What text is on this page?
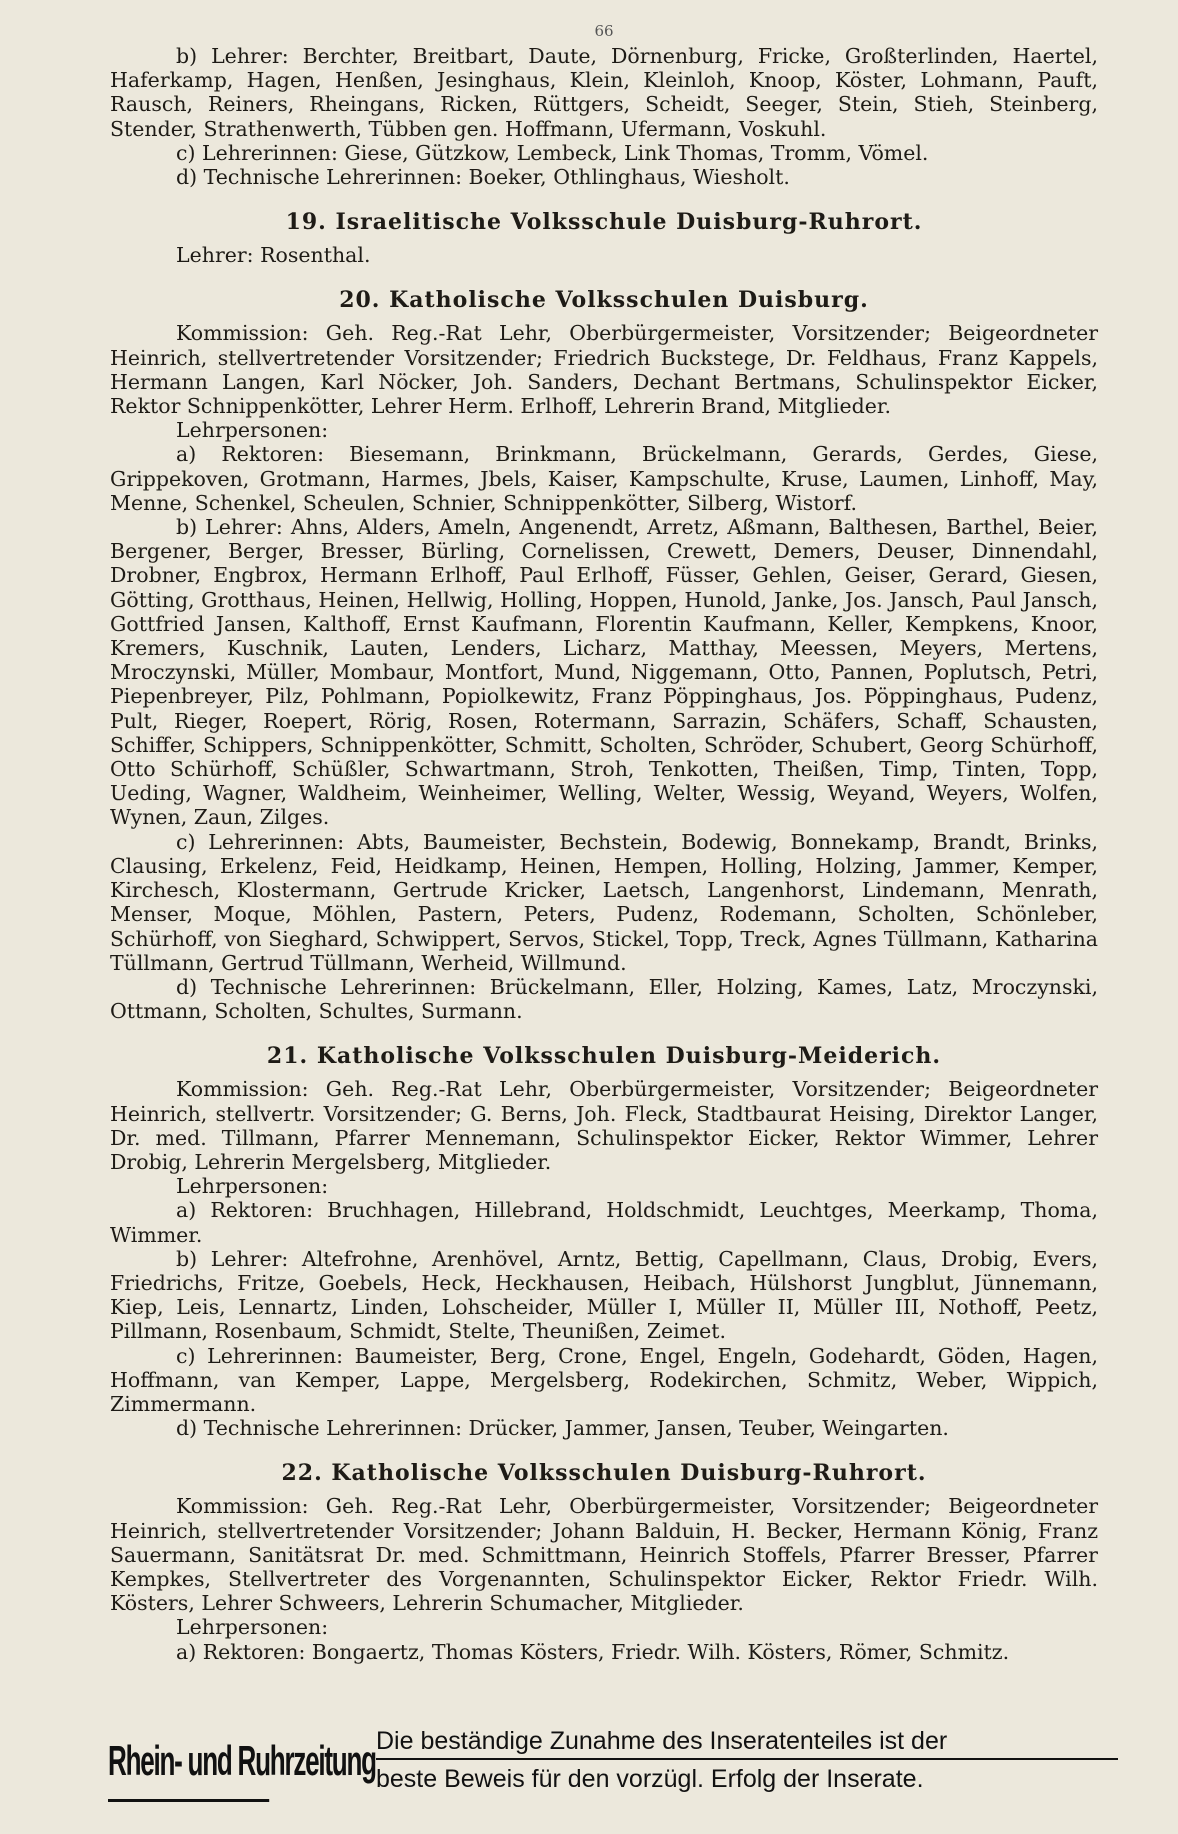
66

b) Lehrer: Berchter, Breitbart, Daute, Dörnenburg, Fricke, Großterlinden, Haertel, Haferkamp, Hagen, Henßen, Jesinghaus, Klein, Kleinloh, Knoop, Köster, Lohmann, Pauft, Rausch, Reiners, Rheingans, Ricken, Rüttgers, Scheidt, Seeger, Stein, Stieh, Steinberg, Stender, Strathenwerth, Tübben gen. Hoffmann, Ufermann, Voskuhl.

c) Lehrerinnen: Giese, Gützkow, Lembeck, Link Thomas, Tromm, Vömel.

d) Technische Lehrerinnen: Boeker, Othlinghaus, Wiesholt.

19. Israelitische Volksschule Duisburg-Ruhrort.

Lehrer: Rosenthal.

20. Katholische Volksschulen Duisburg.

Kommission: Geh. Reg.-Rat Lehr, Oberbürgermeister, Vorsitzender; Beigeordneter Heinrich, stellvertretender Vorsitzender; Friedrich Buckstege, Dr. Feldhaus, Franz Kappels, Hermann Langen, Karl Nöcker, Joh. Sanders, Dechant Bertmans, Schulinspektor Eicker, Rektor Schnippenkötter, Lehrer Herm. Erlhoff, Lehrerin Brand, Mitglieder.

Lehrpersonen:

a) Rektoren: Biesemann, Brinkmann, Brückelmann, Gerards, Gerdes, Giese, Grippekoven, Grotmann, Harmes, Jbels, Kaiser, Kampschulte, Kruse, Laumen, Linhoff, May, Menne, Schenkel, Scheulen, Schnier, Schnippenkötter, Silberg, Wistorf.

b) Lehrer: Ahns, Alders, Ameln, Angenendt, Arretz, Aßmann, Balthesen, Barthel, Beier, Bergener, Berger, Bresser, Bürling, Cornelissen, Crewett, Demers, Deuser, Dinnendahl, Drobner, Engbrox, Hermann Erlhoff, Paul Erlhoff, Füsser, Gehlen, Geiser, Gerard, Giesen, Götting, Grotthaus, Heinen, Hellwig, Holling, Hoppen, Hunold, Janke, Jos. Jansch, Paul Jansch, Gottfried Jansen, Kalthoff, Ernst Kaufmann, Florentin Kaufmann, Keller, Kempkens, Knoor, Kremers, Kuschnik, Lauten, Lenders, Licharz, Matthay, Meessen, Meyers, Mertens, Mroczynski, Müller, Mombaur, Montfort, Mund, Niggemann, Otto, Pannen, Poplutsch, Petri, Piepenbreyer, Pilz, Pohlmann, Popiolkewitz, Franz Pöppinghaus, Jos. Pöppinghaus, Pudenz, Pult, Rieger, Roepert, Rörig, Rosen, Rotermann, Sarrazin, Schäfers, Schaff, Schausten, Schiffer, Schippers, Schnippenkötter, Schmitt, Scholten, Schröder, Schubert, Georg Schürhoff, Otto Schürhoff, Schüßler, Schwartmann, Stroh, Tenkotten, Theißen, Timp, Tinten, Topp, Ueding, Wagner, Waldheim, Weinheimer, Welling, Welter, Wessig, Weyand, Weyers, Wolfen, Wynen, Zaun, Zilges.

c) Lehrerinnen: Abts, Baumeister, Bechstein, Bodewig, Bonnekamp, Brandt, Brinks, Clausing, Erkelenz, Feid, Heidkamp, Heinen, Hempen, Holling, Holzing, Jammer, Kemper, Kirchesch, Klostermann, Gertrude Kricker, Laetsch, Langenhorst, Lindemann, Menrath, Menser, Moque, Möhlen, Pastern, Peters, Pudenz, Rodemann, Scholten, Schönleber, Schürhoff, von Sieghard, Schwippert, Servos, Stickel, Topp, Treck, Agnes Tüllmann, Katharina Tüllmann, Gertrud Tüllmann, Werheid, Willmund.

d) Technische Lehrerinnen: Brückelmann, Eller, Holzing, Kames, Latz, Mroczynski, Ottmann, Scholten, Schultes, Surmann.

21. Katholische Volksschulen Duisburg-Meiderich.

Kommission: Geh. Reg.-Rat Lehr, Oberbürgermeister, Vorsitzender; Beigeordneter Heinrich, stellvertr. Vorsitzender; G. Berns, Joh. Fleck, Stadtbaurat Heising, Direktor Langer, Dr. med. Tillmann, Pfarrer Mennemann, Schulinspektor Eicker, Rektor Wimmer, Lehrer Drobig, Lehrerin Mergelsberg, Mitglieder.

Lehrpersonen:

a) Rektoren: Bruchhagen, Hillebrand, Holdschmidt, Leuchtges, Meerkamp, Thoma, Wimmer.

b) Lehrer: Altefrohne, Arenhövel, Arntz, Bettig, Capellmann, Claus, Drobig, Evers, Friedrichs, Fritze, Goebels, Heck, Heckhausen, Heibach, Hülshorst Jungblut, Jünnemann, Kiep, Leis, Lennartz, Linden, Lohscheider, Müller I, Müller II, Müller III, Nothoff, Peetz, Pillmann, Rosenbaum, Schmidt, Stelte, Theunißen, Zeimet.

c) Lehrerinnen: Baumeister, Berg, Crone, Engel, Engeln, Godehardt, Göden, Hagen, Hoffmann, van Kemper, Lappe, Mergelsberg, Rodekirchen, Schmitz, Weber, Wippich, Zimmermann.

d) Technische Lehrerinnen: Drücker, Jammer, Jansen, Teuber, Weingarten.

22. Katholische Volksschulen Duisburg-Ruhrort.

Kommission: Geh. Reg.-Rat Lehr, Oberbürgermeister, Vorsitzender; Beigeordneter Heinrich, stellvertretender Vorsitzender; Johann Balduin, H. Becker, Hermann König, Franz Sauermann, Sanitätsrat Dr. med. Schmittmann, Heinrich Stoffels, Pfarrer Bresser, Pfarrer Kempkes, Stellvertreter des Vorgenannten, Schulinspektor Eicker, Rektor Friedr. Wilh. Kösters, Lehrer Schweers, Lehrerin Schumacher, Mitglieder.

Lehrpersonen:

a) Rektoren: Bongaertz, Thomas Kösters, Friedr. Wilh. Kösters, Römer, Schmitz.

Rhein- und Ruhrzeitung Die beständige Zunahme des Inseratenteiles ist der
beste Beweis für den vorzügl. Erfolg der Inserate.
